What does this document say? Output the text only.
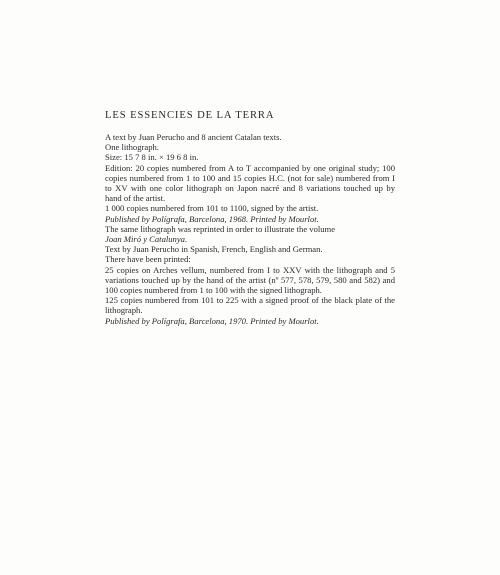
LES ESSENCIES DE LA TERRA
A text by Juan Perucho and 8 ancient Catalan texts.
One lithograph.
Size: 15 7 8 in. × 19 6 8 in.
Edition: 20 copies numbered from A to T accompanied by one original study; 100 copies numbered from 1 to 100 and 15 copies H.C. (not for sale) numbered from I to XV with one color lithograph on Japon nacré and 8 variations touched up by hand of the artist.
1 000 copies numbered from 101 to 1100, signed by the artist.
Published by Polígrafa, Barcelona, 1968. Printed by Mourlot.
The same lithograph was reprinted in order to illustrate the volume
Joan Miró y Catalunya.
Text by Juan Perucho in Spanish, French, English and German.
There have been printed:
25 copies on Arches vellum, numbered from I to XXV with the lithograph and 5 variations touched up by the hand of the artist (nº 577, 578, 579, 580 and 582) and 100 copies numbered from 1 to 100 with the signed lithograph.
125 copies numbered from 101 to 225 with a signed proof of the black plate of the lithograph.
Published by Polígrafa, Barcelona, 1970. Printed by Mourlot.
